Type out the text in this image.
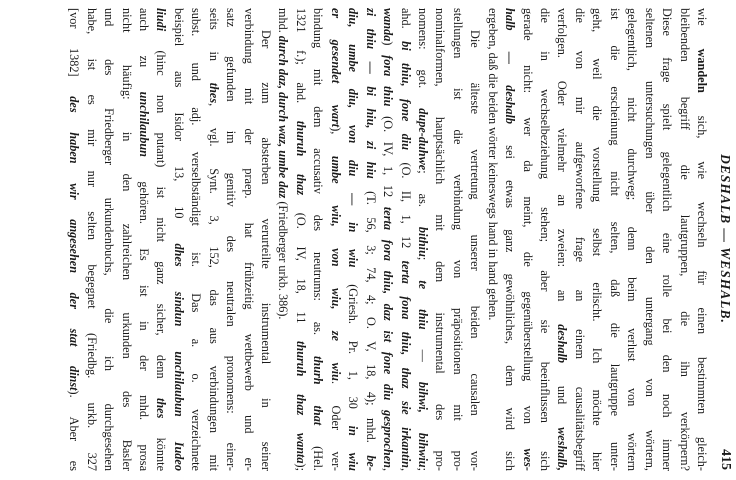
DESHALB — WESHALB.
415
wie wandeln sich, wie wechseln für einen bestimmten gleich-
bleibenden begriff die lautgruppen, die ihn verkörpern?
Diese frage spielt gelegentlich eine rolle bei den noch immer
seltenen untersuchungen über den untergang von wörtern,
gelegentlich, nicht durchweg; denn beim verlust von wörtern
ist die erscheinung nicht selten, daß die lautgruppe unter-
geht, weil die vorstellung selbst erlischt. Ich möchte hier
die von mir aufgeworfene frage an einem causalitätsbegriff
verfolgen. Oder vielmehr an zweien: an deshalb und weshalb,
die in wechselbeziehung stehen; aber sie beeinflussen sich
gerade nicht: wer da meint, die gegenüberstellung von wes-
halb — deshalb sei etwas ganz gewöhnliches, dem wird sich
ergeben, daß die beiden wörter keineswegs hand in hand gehen.
Die älteste vertretung unserer beiden causalen vor-
stellungen ist die verbindung von präpositionen mit pro-
nominalformen, hauptsächlich mit dem instrumental des pro-
nomens: got. dupe-duhwe; as. bithiu; te thiu — bihwi, bihwiu;
ahd. bi thiu, fone diu (O. II, 1, 12 terta fona thiu, thaz sie irkantin,
wanda) fora thiu (O. IV, 1, 12 terta fora thiu, daz ist fone diu gesprochen,
zi thiu — bi hiu, zi hiu (T. 56, 3; 74, 4; O. V, 18, 4); mhd. be-
diu, umbe diu, von diu — in wiu (Griesh. Pr. 1, 30 in wiu
er gesendet wart), umbe wiu, von wiu, ze wiu. Oder ver-
bindung mit dem accusativ des neutrums: as. thurh that (Hel.
1321 f.); ahd. thuruh thaz (O. IV, 18, 11 thuruh thaz wanta);
mhd. durch daz, durch waz, umbe daz (Friedberger urkb. 386).
Der zum absterben verurteilte instrumental in seiner
verbindung mit der praep. hat frühzeitig wettbewerb und er-
satz gefunden im genitiv des neutralen pronomens: einer-
seits in thes, vgl. Synt. 3, 152, das aus verbindungen mit
subst. und adj. verselbständigt ist. Das a. o. verzeichnete
beispiel aus Isidor 13, 10 dhes sindun unchilaubun Iudeo
liudi (hinc non putant) ist nicht ganz sicher, denn thes könnte
auch zu unchilaubun gehören. Es ist in der mhd. prosa
nicht häufig: in den zahlreichen urkunden des Basler
und des Friedberger urkundenbuchs, die ich durchgesehen
habe, ist es mir nur selten begegnet (Friedbg. urkb. 327
[vor 1382] des haben wir angesehen der stat dinst). Aber es
